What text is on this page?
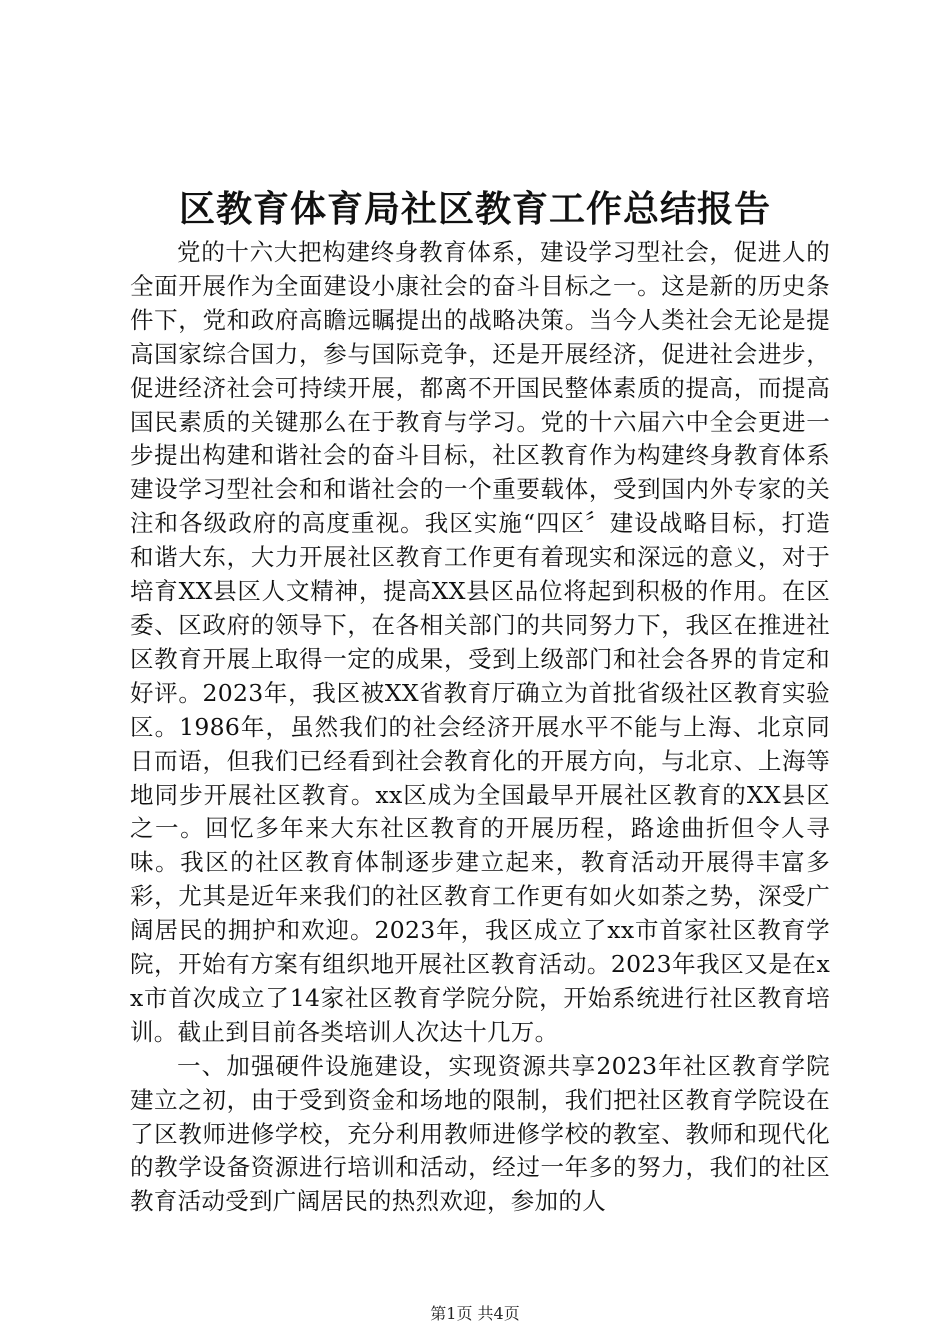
区教育体育局社区教育工作总结报告

党的十六大把构建终身教育体系，建设学习型社会，促进人的全面开展作为全面建设小康社会的奋斗目标之一。这是新的历史条件下，党和政府高瞻远瞩提出的战略决策。当今人类社会无论是提高国家综合国力，参与国际竞争，还是开展经济，促进社会进步，促进经济社会可持续开展，都离不开国民整体素质的提高，而提高国民素质的关键那么在于教育与学习。党的十六届六中全会更进一步提出构建和谐社会的奋斗目标，社区教育作为构建终身教育体系建设学习型社会和和谐社会的一个重要载体，受到国内外专家的关注和各级政府的高度重视。我区实施“四区〞建设战略目标，打造和谐大东，大力开展社区教育工作更有着现实和深远的意义，对于培育XX县区人文精神，提高XX县区品位将起到积极的作用。在区委、区政府的领导下，在各相关部门的共同努力下，我区在推进社区教育开展上取得一定的成果，受到上级部门和社会各界的肯定和好评。2023年，我区被XX省教育厅确立为首批省级社区教育实验区。1986年，虽然我们的社会经济开展水平不能与上海、北京同日而语，但我们已经看到社会教育化的开展方向，与北京、上海等地同步开展社区教育。xx区成为全国最早开展社区教育的XX县区之一。回忆多年来大东社区教育的开展历程，路途曲折但令人寻味。我区的社区教育体制逐步建立起来，教育活动开展得丰富多彩，尤其是近年来我们的社区教育工作更有如火如荼之势，深受广阔居民的拥护和欢迎。2023年，我区成立了xx市首家社区教育学院，开始有方案有组织地开展社区教育活动。2023年我区又是在xx市首次成立了14家社区教育学院分院，开始系统进行社区教育培训。截止到目前各类培训人次达十几万。

一、加强硬件设施建设，实现资源共享2023年社区教育学院建立之初，由于受到资金和场地的限制，我们把社区教育学院设在了区教师进修学校，充分利用教师进修学校的教室、教师和现代化的教学设备资源进行培训和活动，经过一年多的努力，我们的社区教育活动受到广阔居民的热烈欢迎，参加的人

第1页 共4页
